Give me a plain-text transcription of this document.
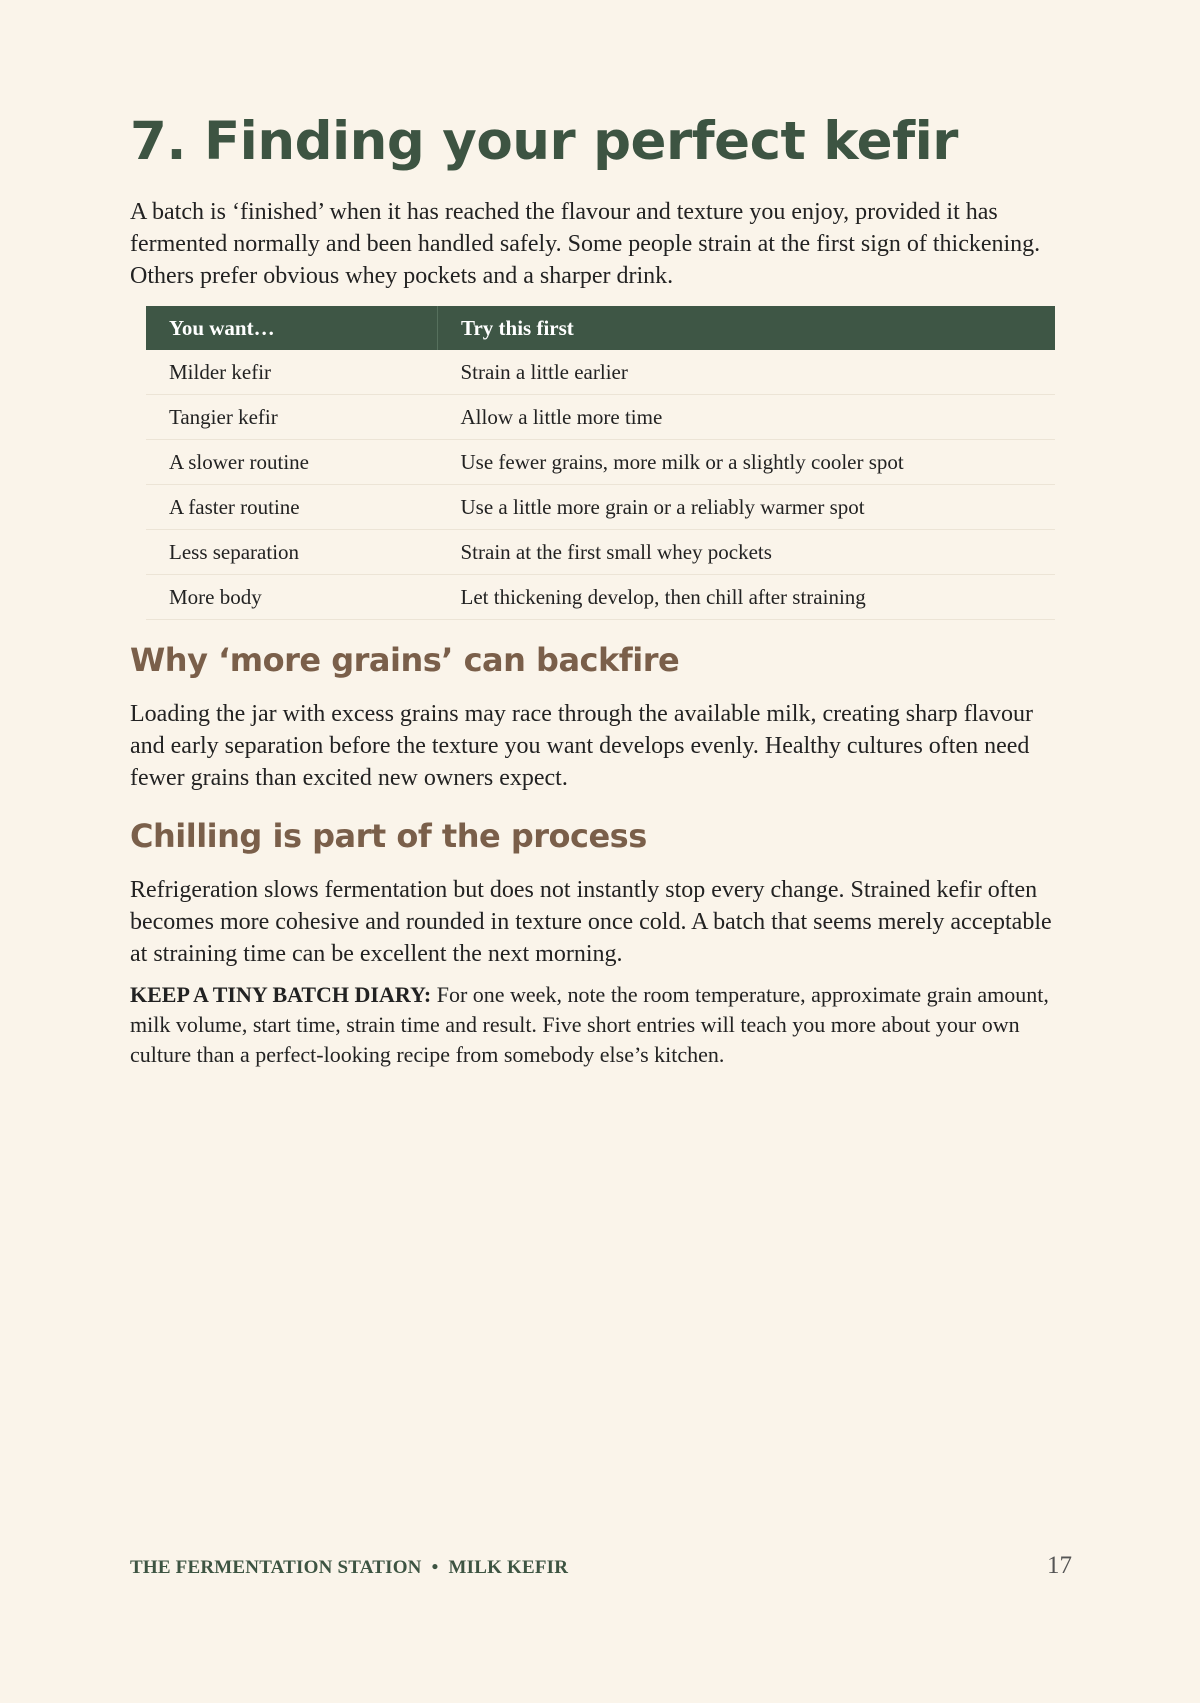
7. Finding your perfect kefir

A batch is ‘finished’ when it has reached the flavour and texture you enjoy, provided it has fermented normally and been handled safely. Some people strain at the first sign of thickening. Others prefer obvious whey pockets and a sharper drink.

You want…	Try this first
Milder kefir	Strain a little earlier
Tangier kefir	Allow a little more time
A slower routine	Use fewer grains, more milk or a slightly cooler spot
A faster routine	Use a little more grain or a reliably warmer spot
Less separation	Strain at the first small whey pockets
More body	Let thickening develop, then chill after straining
Why ‘more grains’ can backfire

Loading the jar with excess grains may race through the available milk, creating sharp flavour and early separation before the texture you want develops evenly. Healthy cultures often need fewer grains than excited new owners expect.

Chilling is part of the process

Refrigeration slows fermentation but does not instantly stop every change. Strained kefir often becomes more cohesive and rounded in texture once cold. A batch that seems merely acceptable at straining time can be excellent the next morning.

KEEP A TINY BATCH DIARY: For one week, note the room temperature, approximate grain amount, milk volume, start time, strain time and result. Five short entries will teach you more about your own culture than a perfect-looking recipe from somebody else’s kitchen.

THE FERMENTATION STATION • MILK KEFIR	17
